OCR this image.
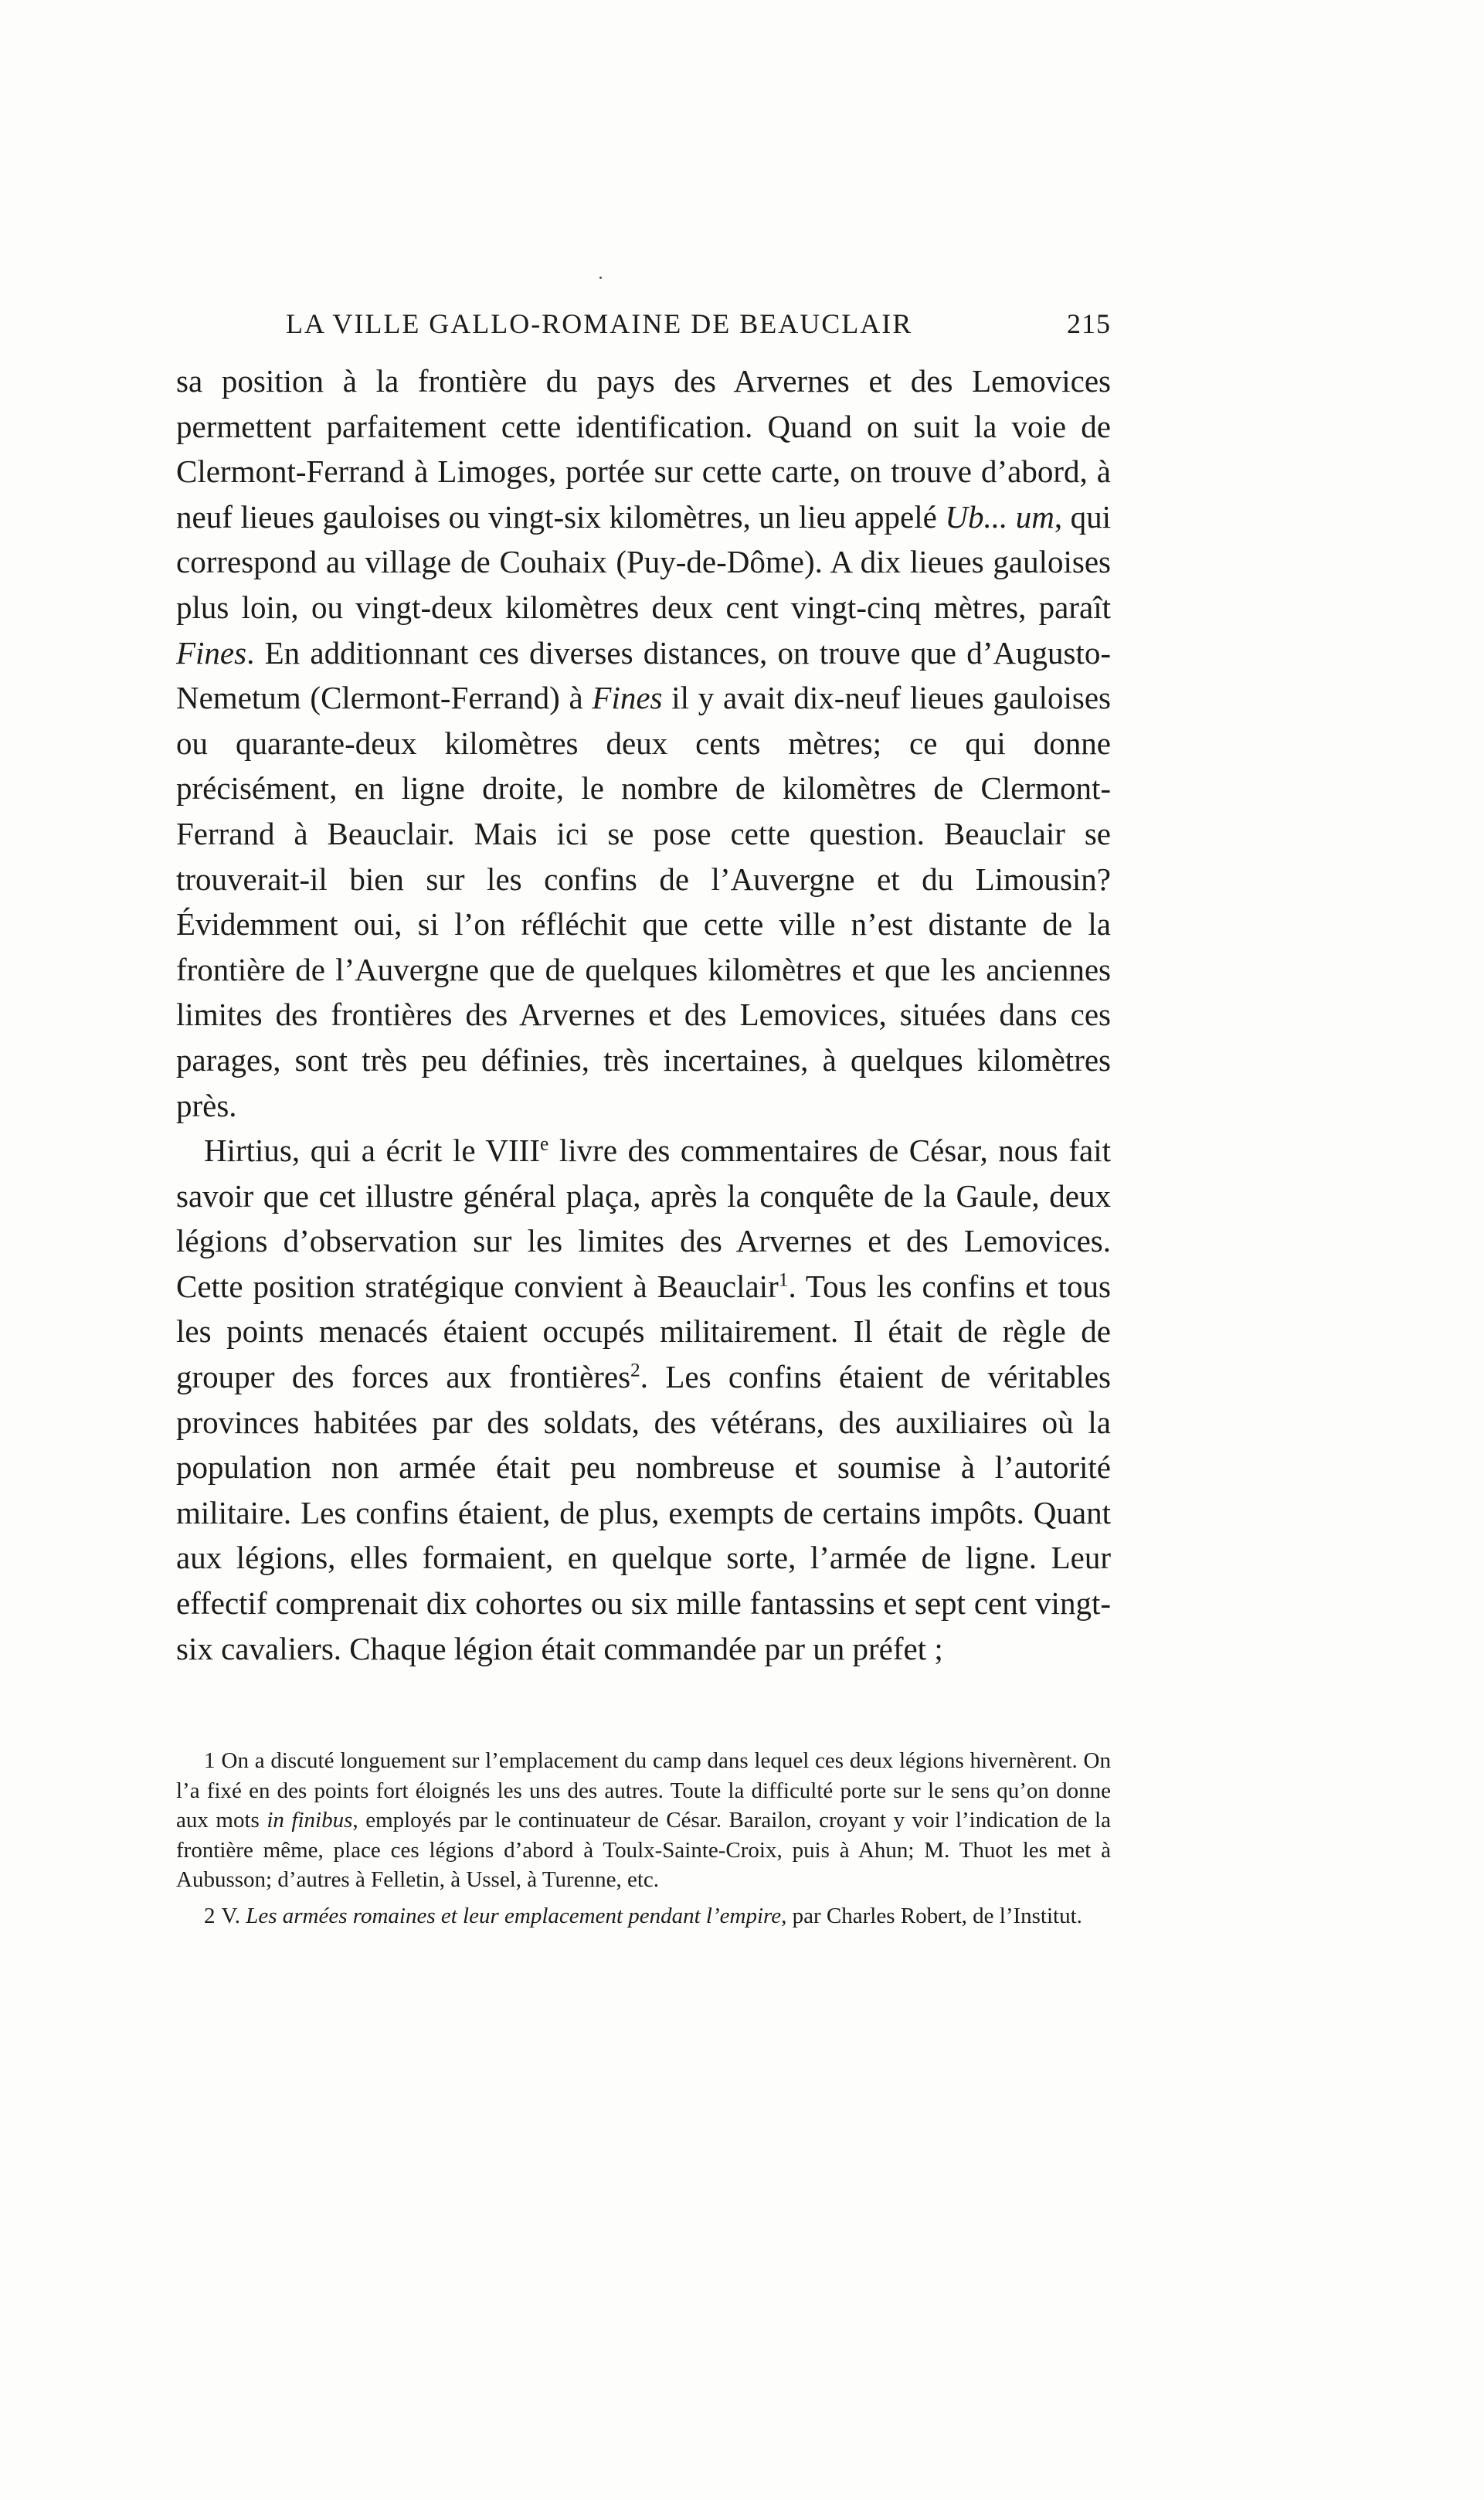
LA VILLE GALLO-ROMAINE DE BEAUCLAIR	215

sa position à la frontière du pays des Arvernes et des Lemovices permettent parfaitement cette identification. Quand on suit la voie de Clermont-Ferrand à Limoges, portée sur cette carte, on trouve d’abord, à neuf lieues gauloises ou vingt-six kilomètres, un lieu appelé Ub... um, qui correspond au village de Couhaix (Puy-de-Dôme). A dix lieues gauloises plus loin, ou vingt-deux kilomètres deux cent vingt-cinq mètres, paraît Fines. En additionnant ces diverses distances, on trouve que d’Augusto-Nemetum (Clermont-Ferrand) à Fines il y avait dix-neuf lieues gauloises ou quarante-deux kilomètres deux cents mètres; ce qui donne précisément, en ligne droite, le nombre de kilomètres de Clermont-Ferrand à Beauclair. Mais ici se pose cette question. Beauclair se trouverait-il bien sur les confins de l’Auvergne et du Limousin? Évidemment oui, si l’on réfléchit que cette ville n’est distante de la frontière de l’Auvergne que de quelques kilomètres et que les anciennes limites des frontières des Arvernes et des Lemovices, situées dans ces parages, sont très peu définies, très incertaines, à quelques kilomètres près.

Hirtius, qui a écrit le VIIIe livre des commentaires de César, nous fait savoir que cet illustre général plaça, après la conquête de la Gaule, deux légions d’observation sur les limites des Arvernes et des Lemovices. Cette position stratégique convient à Beauclair$^1$. Tous les confins et tous les points menacés étaient occupés militairement. Il était de règle de grouper des forces aux frontières$^2$. Les confins étaient de véritables provinces habitées par des soldats, des vétérans, des auxiliaires où la population non armée était peu nombreuse et soumise à l’autorité militaire. Les confins étaient, de plus, exempts de certains impôts. Quant aux légions, elles formaient, en quelque sorte, l’armée de ligne. Leur effectif comprenait dix cohortes ou six mille fantassins et sept cent vingt-six cavaliers. Chaque légion était commandée par un préfet ;

1 On a discuté longuement sur l’emplacement du camp dans lequel ces deux légions hivernèrent. On l’a fixé en des points fort éloignés les uns des autres. Toute la difficulté porte sur le sens qu’on donne aux mots in finibus, employés par le continuateur de César. Barailon, croyant y voir l’indication de la frontière même, place ces légions d’abord à Toulx-Sainte-Croix, puis à Ahun; M. Thuot les met à Aubusson; d’autres à Felletin, à Ussel, à Turenne, etc.

2 V. Les armées romaines et leur emplacement pendant l’empire, par Charles Robert, de l’Institut.
